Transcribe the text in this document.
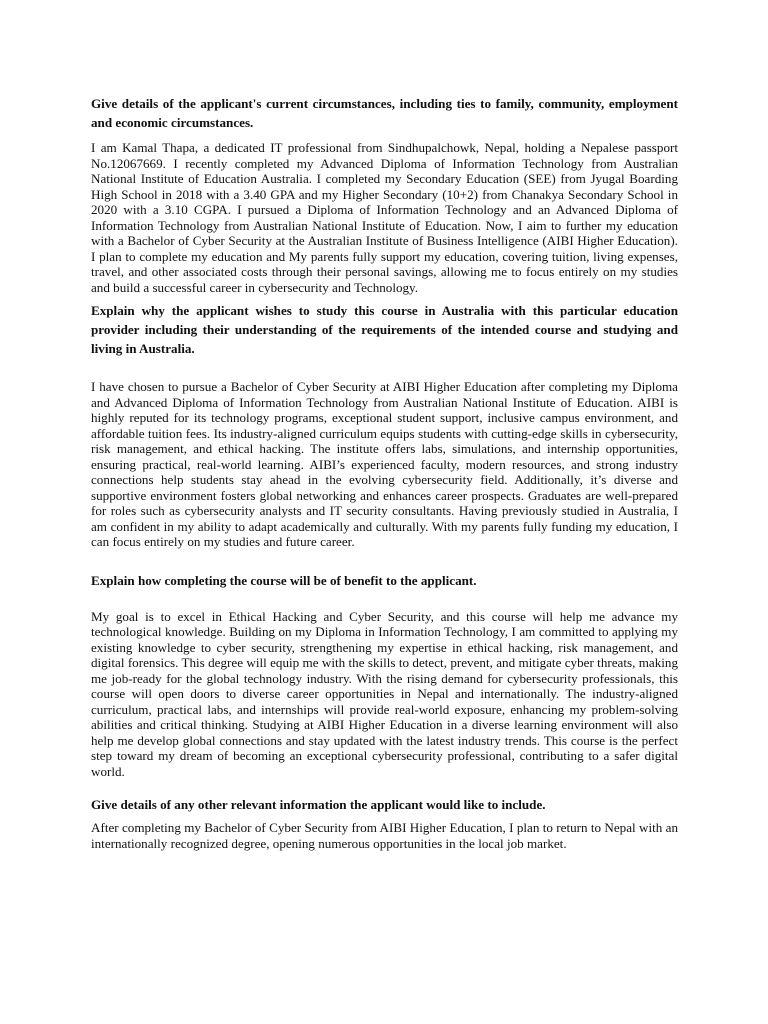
Give details of the applicant's current circumstances, including ties to family, community, employment and economic circumstances.

I am Kamal Thapa, a dedicated IT professional from Sindhupalchowk, Nepal, holding a Nepalese passport No.12067669. I recently completed my Advanced Diploma of Information Technology from Australian National Institute of Education Australia. I completed my Secondary Education (SEE) from Jyugal Boarding High School in 2018 with a 3.40 GPA and my Higher Secondary (10+2) from Chanakya Secondary School in 2020 with a 3.10 CGPA. I pursued a Diploma of Information Technology and an Advanced Diploma of Information Technology from Australian National Institute of Education. Now, I aim to further my education with a Bachelor of Cyber Security at the Australian Institute of Business Intelligence (AIBI Higher Education). I plan to complete my education and My parents fully support my education, covering tuition, living expenses, travel, and other associated costs through their personal savings, allowing me to focus entirely on my studies and build a successful career in cybersecurity and Technology.

Explain why the applicant wishes to study this course in Australia with this particular education provider including their understanding of the requirements of the intended course and studying and living in Australia.

I have chosen to pursue a Bachelor of Cyber Security at AIBI Higher Education after completing my Diploma and Advanced Diploma of Information Technology from Australian National Institute of Education. AIBI is highly reputed for its technology programs, exceptional student support, inclusive campus environment, and affordable tuition fees. Its industry-aligned curriculum equips students with cutting-edge skills in cybersecurity, risk management, and ethical hacking. The institute offers labs, simulations, and internship opportunities, ensuring practical, real-world learning. AIBI’s experienced faculty, modern resources, and strong industry connections help students stay ahead in the evolving cybersecurity field. Additionally, it’s diverse and supportive environment fosters global networking and enhances career prospects. Graduates are well-prepared for roles such as cybersecurity analysts and IT security consultants. Having previously studied in Australia, I am confident in my ability to adapt academically and culturally. With my parents fully funding my education, I can focus entirely on my studies and future career.

Explain how completing the course will be of benefit to the applicant.

My goal is to excel in Ethical Hacking and Cyber Security, and this course will help me advance my technological knowledge. Building on my Diploma in Information Technology, I am committed to applying my existing knowledge to cyber security, strengthening my expertise in ethical hacking, risk management, and digital forensics. This degree will equip me with the skills to detect, prevent, and mitigate cyber threats, making me job-ready for the global technology industry. With the rising demand for cybersecurity professionals, this course will open doors to diverse career opportunities in Nepal and internationally. The industry-aligned curriculum, practical labs, and internships will provide real-world exposure, enhancing my problem-solving abilities and critical thinking. Studying at AIBI Higher Education in a diverse learning environment will also help me develop global connections and stay updated with the latest industry trends. This course is the perfect step toward my dream of becoming an exceptional cybersecurity professional, contributing to a safer digital world.

Give details of any other relevant information the applicant would like to include.

After completing my Bachelor of Cyber Security from AIBI Higher Education, I plan to return to Nepal with an internationally recognized degree, opening numerous opportunities in the local job market.
